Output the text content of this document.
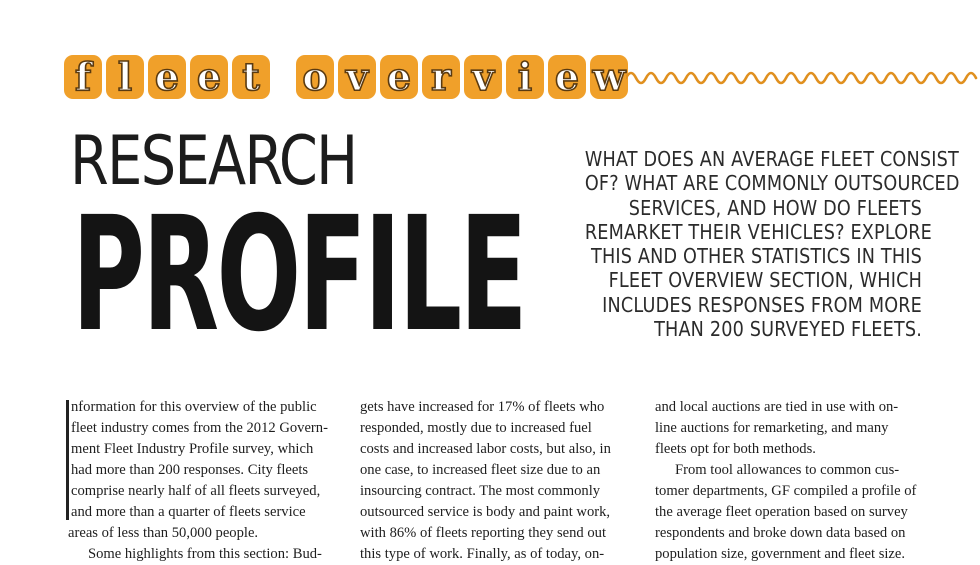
f l e e t o v e r v i e w
RESEARCH
PROFILE
WHAT DOES AN AVERAGE FLEET CONSIST
OF? WHAT ARE COMMONLY OUTSOURCED
SERVICES, AND HOW DO FLEETS
REMARKET THEIR VEHICLES? EXPLORE
THIS AND OTHER STATISTICS IN THIS
FLEET OVERVIEW SECTION, WHICH
INCLUDES RESPONSES FROM MORE
THAN 200 SURVEYED FLEETS.
nformation for this overview of the public
fleet industry comes from the 2012 Govern-
ment Fleet Industry Profile survey, which
had more than 200 responses. City fleets
comprise nearly half of all fleets surveyed,
and more than a quarter of fleets service
areas of less than 50,000 people.
Some highlights from this section: Bud-
gets have increased for 17% of fleets who
responded, mostly due to increased fuel
costs and increased labor costs, but also, in
one case, to increased fleet size due to an
insourcing contract. The most commonly
outsourced service is body and paint work,
with 86% of fleets reporting they send out
this type of work. Finally, as of today, on-
and local auctions are tied in use with on-
line auctions for remarketing, and many
fleets opt for both methods.
From tool allowances to common cus-
tomer departments, GF compiled a profile of
the average fleet operation based on survey
respondents and broke down data based on
population size, government and fleet size.
